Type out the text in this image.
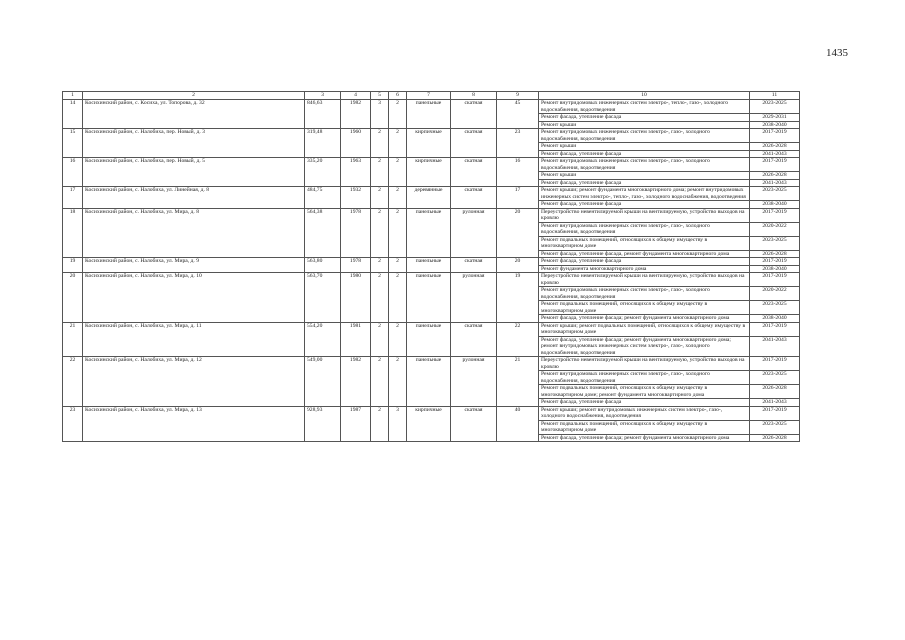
1435
1	2	3	4	5	6	7	8	9	10	11
14	Косихинский район, с. Косиха, ул. Топорова, д. 32	846,63	1982	3	2	панельные	скатная	45	Ремонт внутридомовых инженерных систем электро-, тепло-, газо-, холодного водоснабжения, водоотведения	2023-2025
									Ремонт фасада, утепление фасада	2029-2031
									Ремонт крыши	2038-2040
15	Косихинский район, с. Налобиха, пер. Новый, д. 3	319,48	1960	2	2	кирпичные	скатная	23	Ремонт внутридомовых инженерных систем электро-, газо-, холодного водоснабжения, водоотведения	2017-2019
									Ремонт крыши	2026-2028
									Ремонт фасада, утепление фасада	2041-2043
16	Косихинский район, с. Налобиха, пер. Новый, д. 5	335,20	1963	2	2	кирпичные	скатная	16	Ремонт внутридомовых инженерных систем электро-, газо-, холодного водоснабжения, водоотведения	2017-2019
									Ремонт крыши	2026-2028
									Ремонт фасада, утепление фасада	2041-2043
17	Косихинский район, с. Налобиха, ул. Линейная, д. 8	484,75	1932	2	2	деревянные	скатная	17	Ремонт крыши; ремонт фундамента многоквартирного дома; ремонт внутридомовых инженерных систем электро-, тепло-, газо-, холодного водоснабжения, водоотведения	2023-2025
									Ремонт фасада, утепление фасада	2038-2040
18	Косихинский район, с. Налобиха, ул. Мира, д. 8	564,38	1978	2	2	панельные	рулонная	20	Переустройство невентилируемой крыши на вентилируемую, устройство выходов на кровлю	2017-2019
									Ремонт внутридомовых инженерных систем электро-, газо-, холодного водоснабжения, водоотведения	2020-2022
									Ремонт подвальных помещений, относящихся к общему имуществу в многоквартирном доме	2023-2025
									Ремонт фасада, утепление фасада, ремонт фундамента многоквартирного дома	2026-2028
19	Косихинский район, с. Налобиха, ул. Мира, д. 9	563,80	1978	2	2	панельные	скатная	20	Ремонт фасада, утепление фасада	2017-2019
									Ремонт фундамента многоквартирного дома	2038-2040
20	Косихинский район, с. Налобиха, ул. Мира, д. 10	563,70	1980	2	2	панельные	рулонная	19	Переустройство невентилируемой крыши на вентилируемую, устройство выходов на кровлю	2017-2019
									Ремонт внутридомовых инженерных систем электро-, газо-, холодного водоснабжения, водоотведения	2020-2022
									Ремонт подвальных помещений, относящихся к общему имуществу в многоквартирном доме	2023-2025
									Ремонт фасада, утепление фасада; ремонт фундамента многоквартирного дома	2038-2040
21	Косихинский район, с. Налобиха, ул. Мира, д. 11	554,20	1981	2	2	панельные	скатная	22	Ремонт крыши; ремонт подвальных помещений, относящихся к общему имуществу в многоквартирном доме	2017-2019
									Ремонт фасада, утепление фасада; ремонт фундамента многоквартирного дома; ремонт внутридомовых инженерных систем электро-, газо-, холодного водоснабжения, водоотведения	2041-2043
22	Косихинский район, с. Налобиха, ул. Мира, д. 12	549,00	1982	2	2	панельные	рулонная	21	Переустройство невентилируемой крыши на вентилируемую, устройство выходов на кровлю	2017-2019
									Ремонт внутридомовых инженерных систем электро-, газо-, холодного водоснабжения, водоотведения	2023-2025
									Ремонт подвальных помещений, относящихся к общему имуществу в многоквартирном доме; ремонт фундамента многоквартирного дома	2026-2028
									Ремонт фасада, утепление фасада	2041-2043
23	Косихинский район, с. Налобиха, ул. Мира, д. 13	928,93	1987	2	3	кирпичные	скатная	40	Ремонт крыши; ремонт внутридомовых инженерных систем электро-, газо-, холодного водоснабжения, водоотведения	2017-2019
									Ремонт подвальных помещений, относящихся к общему имуществу в многоквартирном доме	2023-2025
									Ремонт фасада, утепление фасада; ремонт фундамента многоквартирного дома	2026-2028
